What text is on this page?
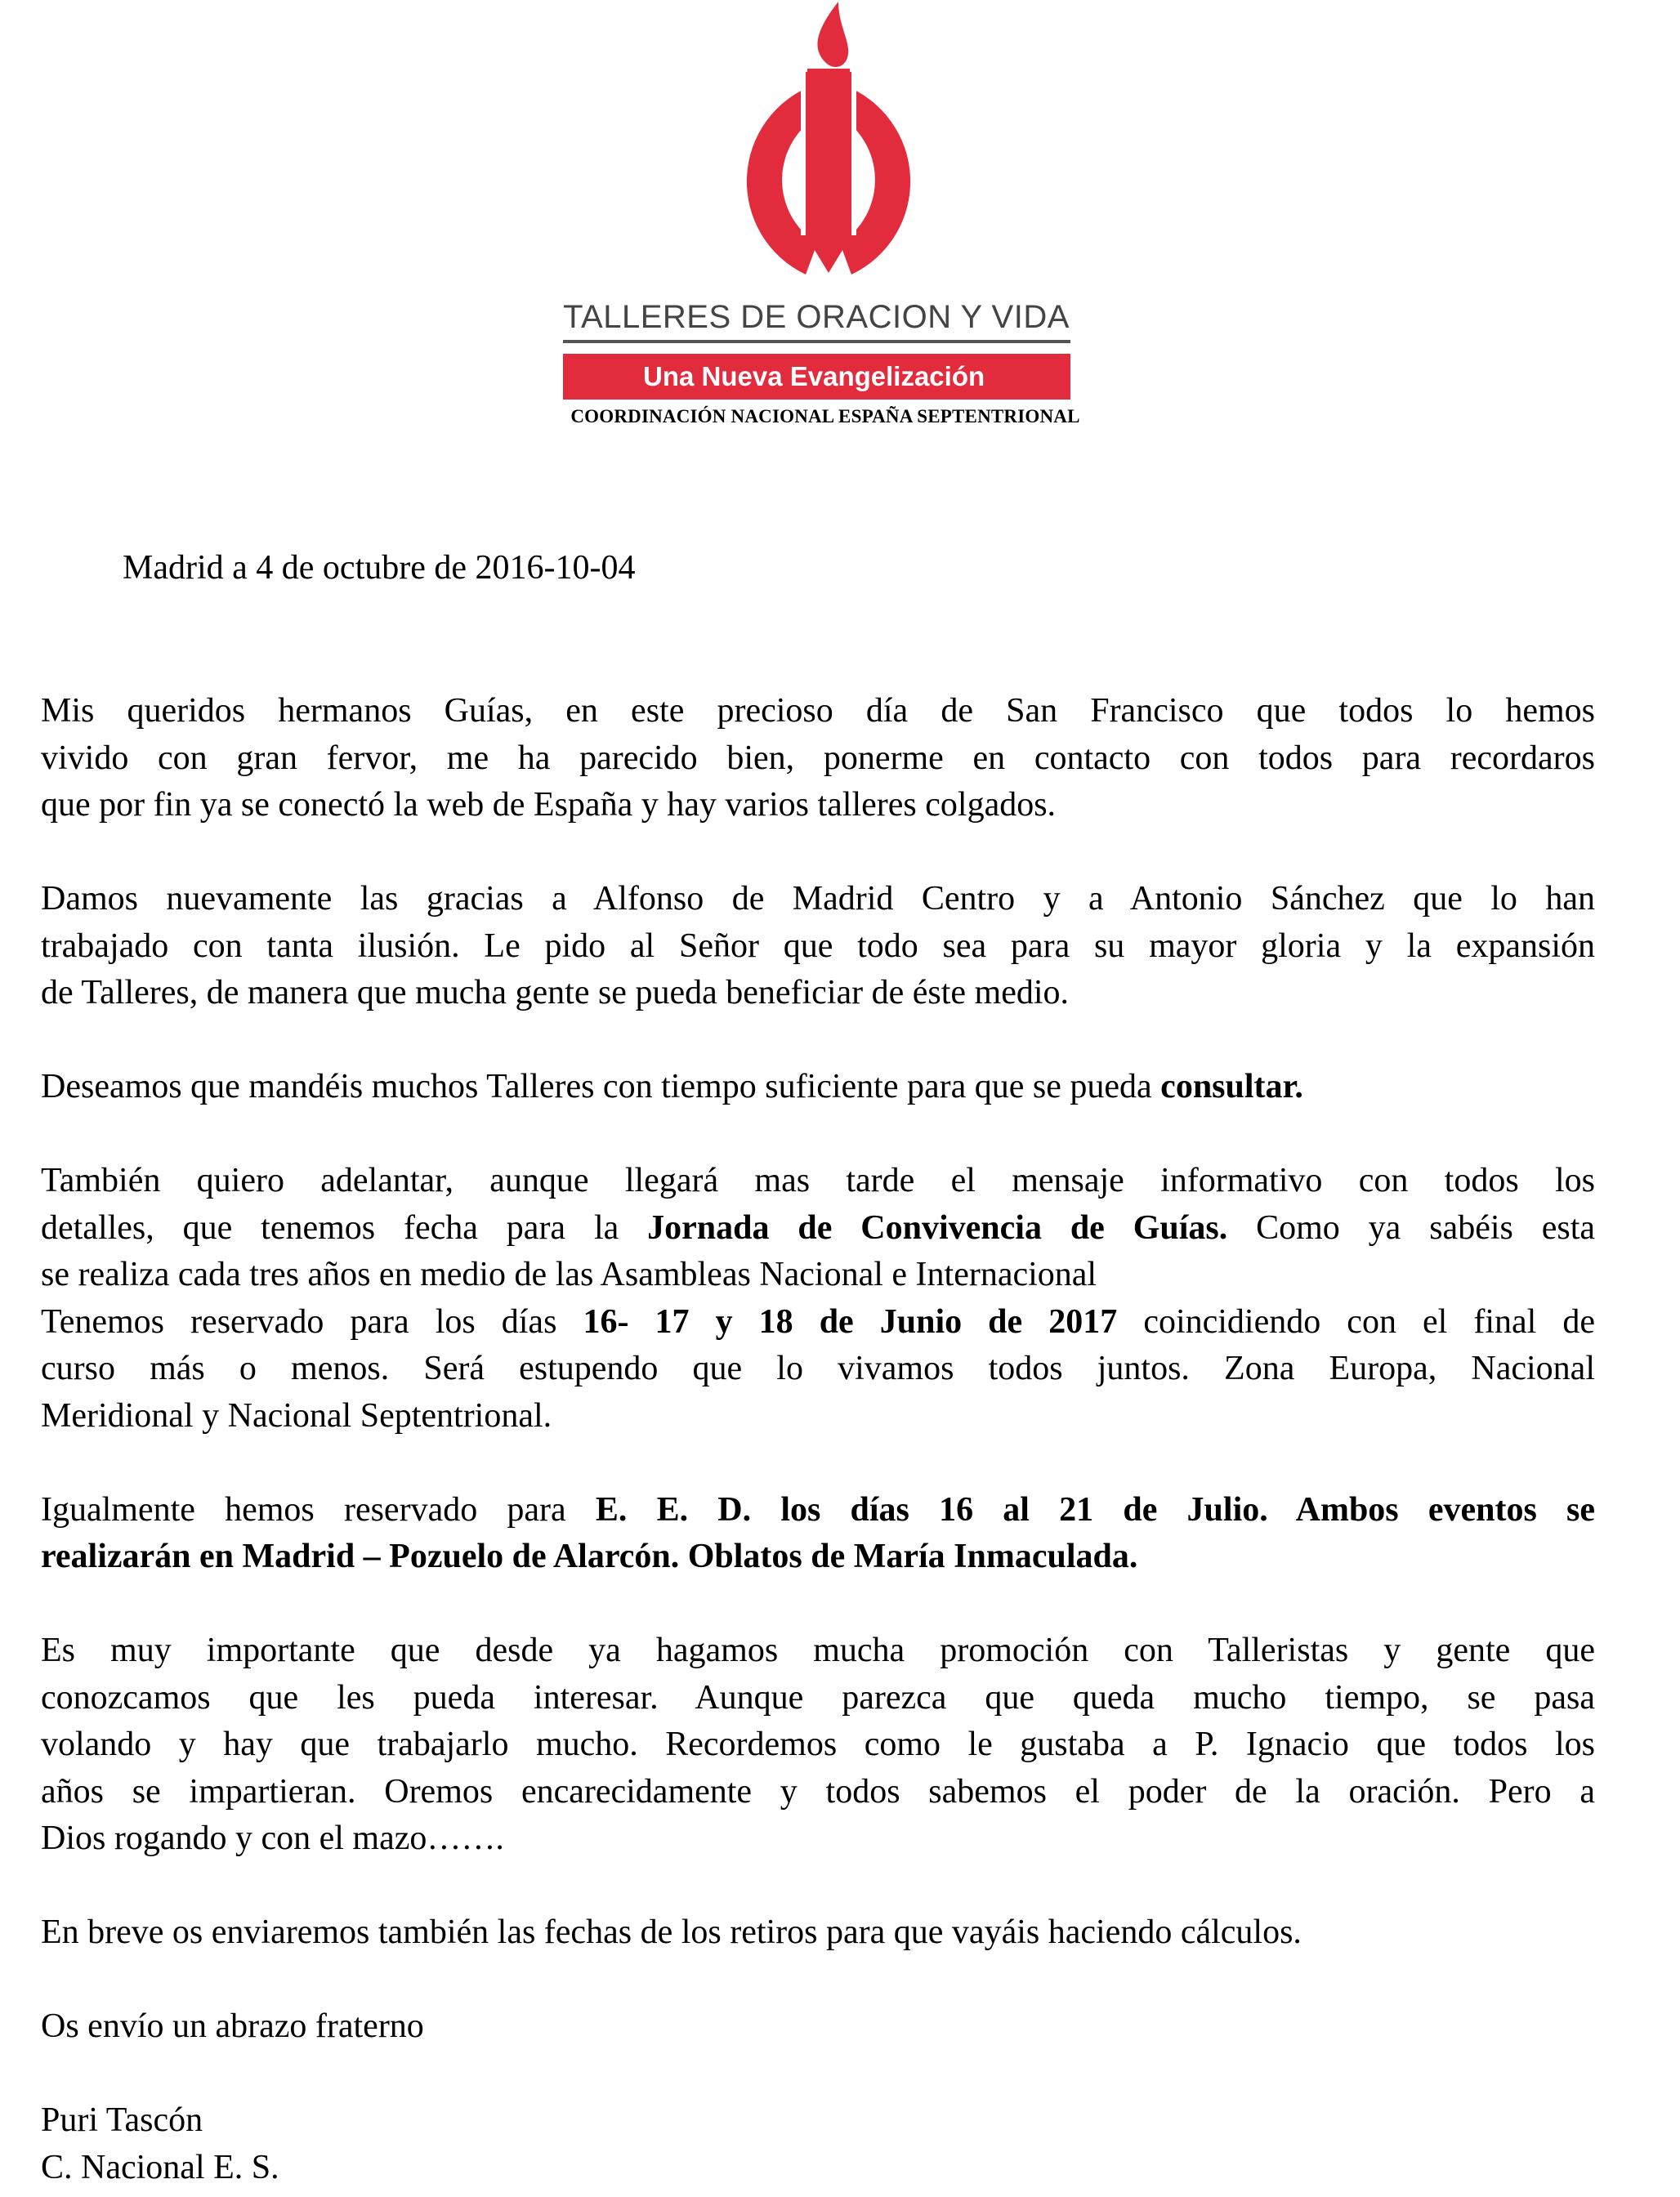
TALLERES DE ORACION Y VIDA
Una Nueva Evangelización
COORDINACIÓN NACIONAL ESPAÑA SEPTENTRIONAL
Madrid a 4 de octubre de 2016-10-04

Mis queridos hermanos Guías, en este precioso día de San Francisco que todos lo hemos
vivido con gran fervor, me ha parecido bien, ponerme en contacto con todos para recordaros
que por fin ya se conectó la web de España y hay varios talleres colgados.

Damos nuevamente las gracias a Alfonso de Madrid Centro y a Antonio Sánchez que lo han
trabajado con tanta ilusión. Le pido al Señor que todo sea para su mayor gloria y la expansión
de Talleres, de manera que mucha gente se pueda beneficiar de éste medio.

Deseamos que mandéis muchos Talleres con tiempo suficiente para que se pueda consultar.

También quiero adelantar, aunque llegará mas tarde el mensaje informativo con todos los
detalles, que tenemos fecha para la Jornada de Convivencia de Guías. Como ya sabéis esta
se realiza cada tres años en medio de las Asambleas Nacional e Internacional

Tenemos reservado para los días 16- 17 y 18 de Junio de 2017 coincidiendo con el final de
curso más o menos. Será estupendo que lo vivamos todos juntos. Zona Europa, Nacional
Meridional y Nacional Septentrional.

Igualmente hemos reservado para E. E. D. los días 16 al 21 de Julio. Ambos eventos se
realizarán en Madrid – Pozuelo de Alarcón. Oblatos de María Inmaculada.

Es muy importante que desde ya hagamos mucha promoción con Talleristas y gente que
conozcamos que les pueda interesar. Aunque parezca que queda mucho tiempo, se pasa
volando y hay que trabajarlo mucho. Recordemos como le gustaba a P. Ignacio que todos los
años se impartieran. Oremos encarecidamente y todos sabemos el poder de la oración. Pero a
Dios rogando y con el mazo…….

En breve os enviaremos también las fechas de los retiros para que vayáis haciendo cálculos.

Os envío un abrazo fraterno

Puri Tascón
C. Nacional E. S.
